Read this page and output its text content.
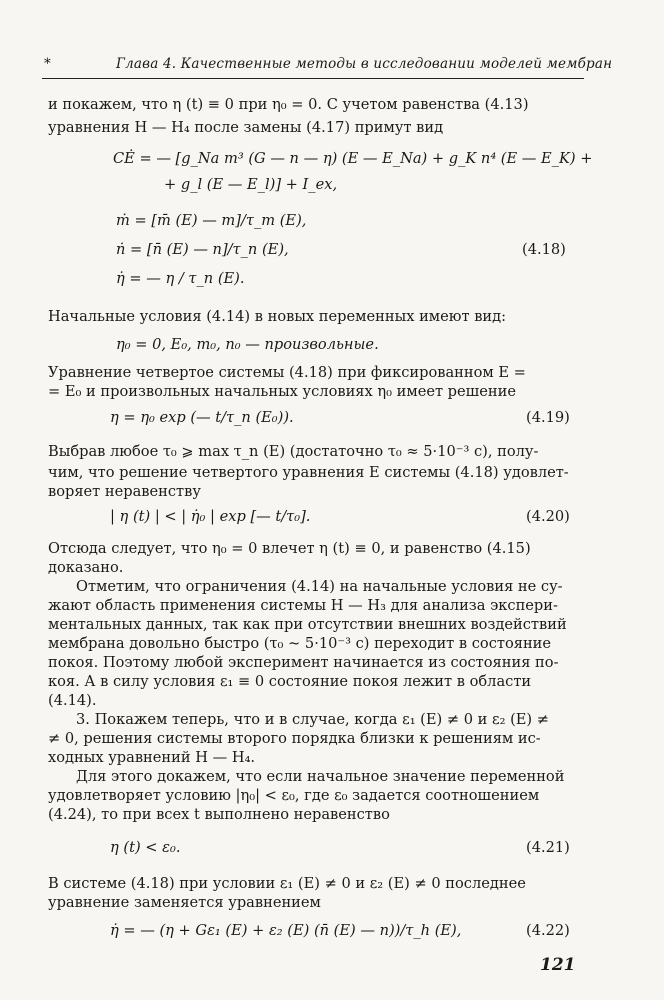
*	Глава 4. Качественные методы в исследовании моделей мембран
и покажем, что η (t) ≡ 0 при η₀ = 0. С учетом равенства (4.13)
уравнения H — H₄ после замены (4.17) примут вид
CĖ = — [g_Na m³ (G — n — η) (E — E_Na) + g_K n⁴ (E — E_K) +
+ g_l (E — E_l)] + I_ex,
ṁ = [m̄ (E) — m]/τ_m (E),
ṅ = [n̄ (E) — n]/τ_n (E),	(4.18)
η̇ = — η / τ_n (E).
Начальные условия (4.14) в новых переменных имеют вид:
η₀ = 0, E₀, m₀, n₀ — произвольные.
Уравнение четвертое системы (4.18) при фиксированном E =
= E₀ и произвольных начальных условиях η₀ имеет решение
η = η₀ exp (— t/τ_n (E₀)).	(4.19)
Выбрав любое τ₀ ⩾ max τ_n (E) (достаточно τ₀ ≈ 5·10⁻³ с), полу-
чим, что решение четвертого уравнения E системы (4.18) удовлет-
воряет неравенству
| η (t) | < | η̇₀ | exp [— t/τ₀].	(4.20)
Отсюда следует, что η₀ = 0 влечет η (t) ≡ 0, и равенство (4.15)
доказано.
Отметим, что ограничения (4.14) на начальные условия не су-
жают область применения системы H — H₃ для анализа экспери-
ментальных данных, так как при отсутствии внешних воздействий
мембрана довольно быстро (τ₀ ~ 5·10⁻³ с) переходит в состояние
покоя. Поэтому любой эксперимент начинается из состояния по-
коя. А в силу условия ε₁ ≡ 0 состояние покоя лежит в области
(4.14).
3. Покажем теперь, что и в случае, когда ε₁ (E) ≠ 0 и ε₂ (E) ≠
≠ 0, решения системы второго порядка близки к решениям ис-
ходных уравнений H — H₄.
Для этого докажем, что если начальное значение переменной
удовлетворяет условию |η₀| < ε₀, где ε₀ задается соотношением
(4.24), то при всех t выполнено неравенство
η (t) < ε₀.	(4.21)
В системе (4.18) при условии ε₁ (E) ≠ 0 и ε₂ (E) ≠ 0 последнее
уравнение заменяется уравнением
η̇ = — (η + Gε₁ (E) + ε₂ (E) (n̄ (E) — n))/τ_h (E),	(4.22)
121
